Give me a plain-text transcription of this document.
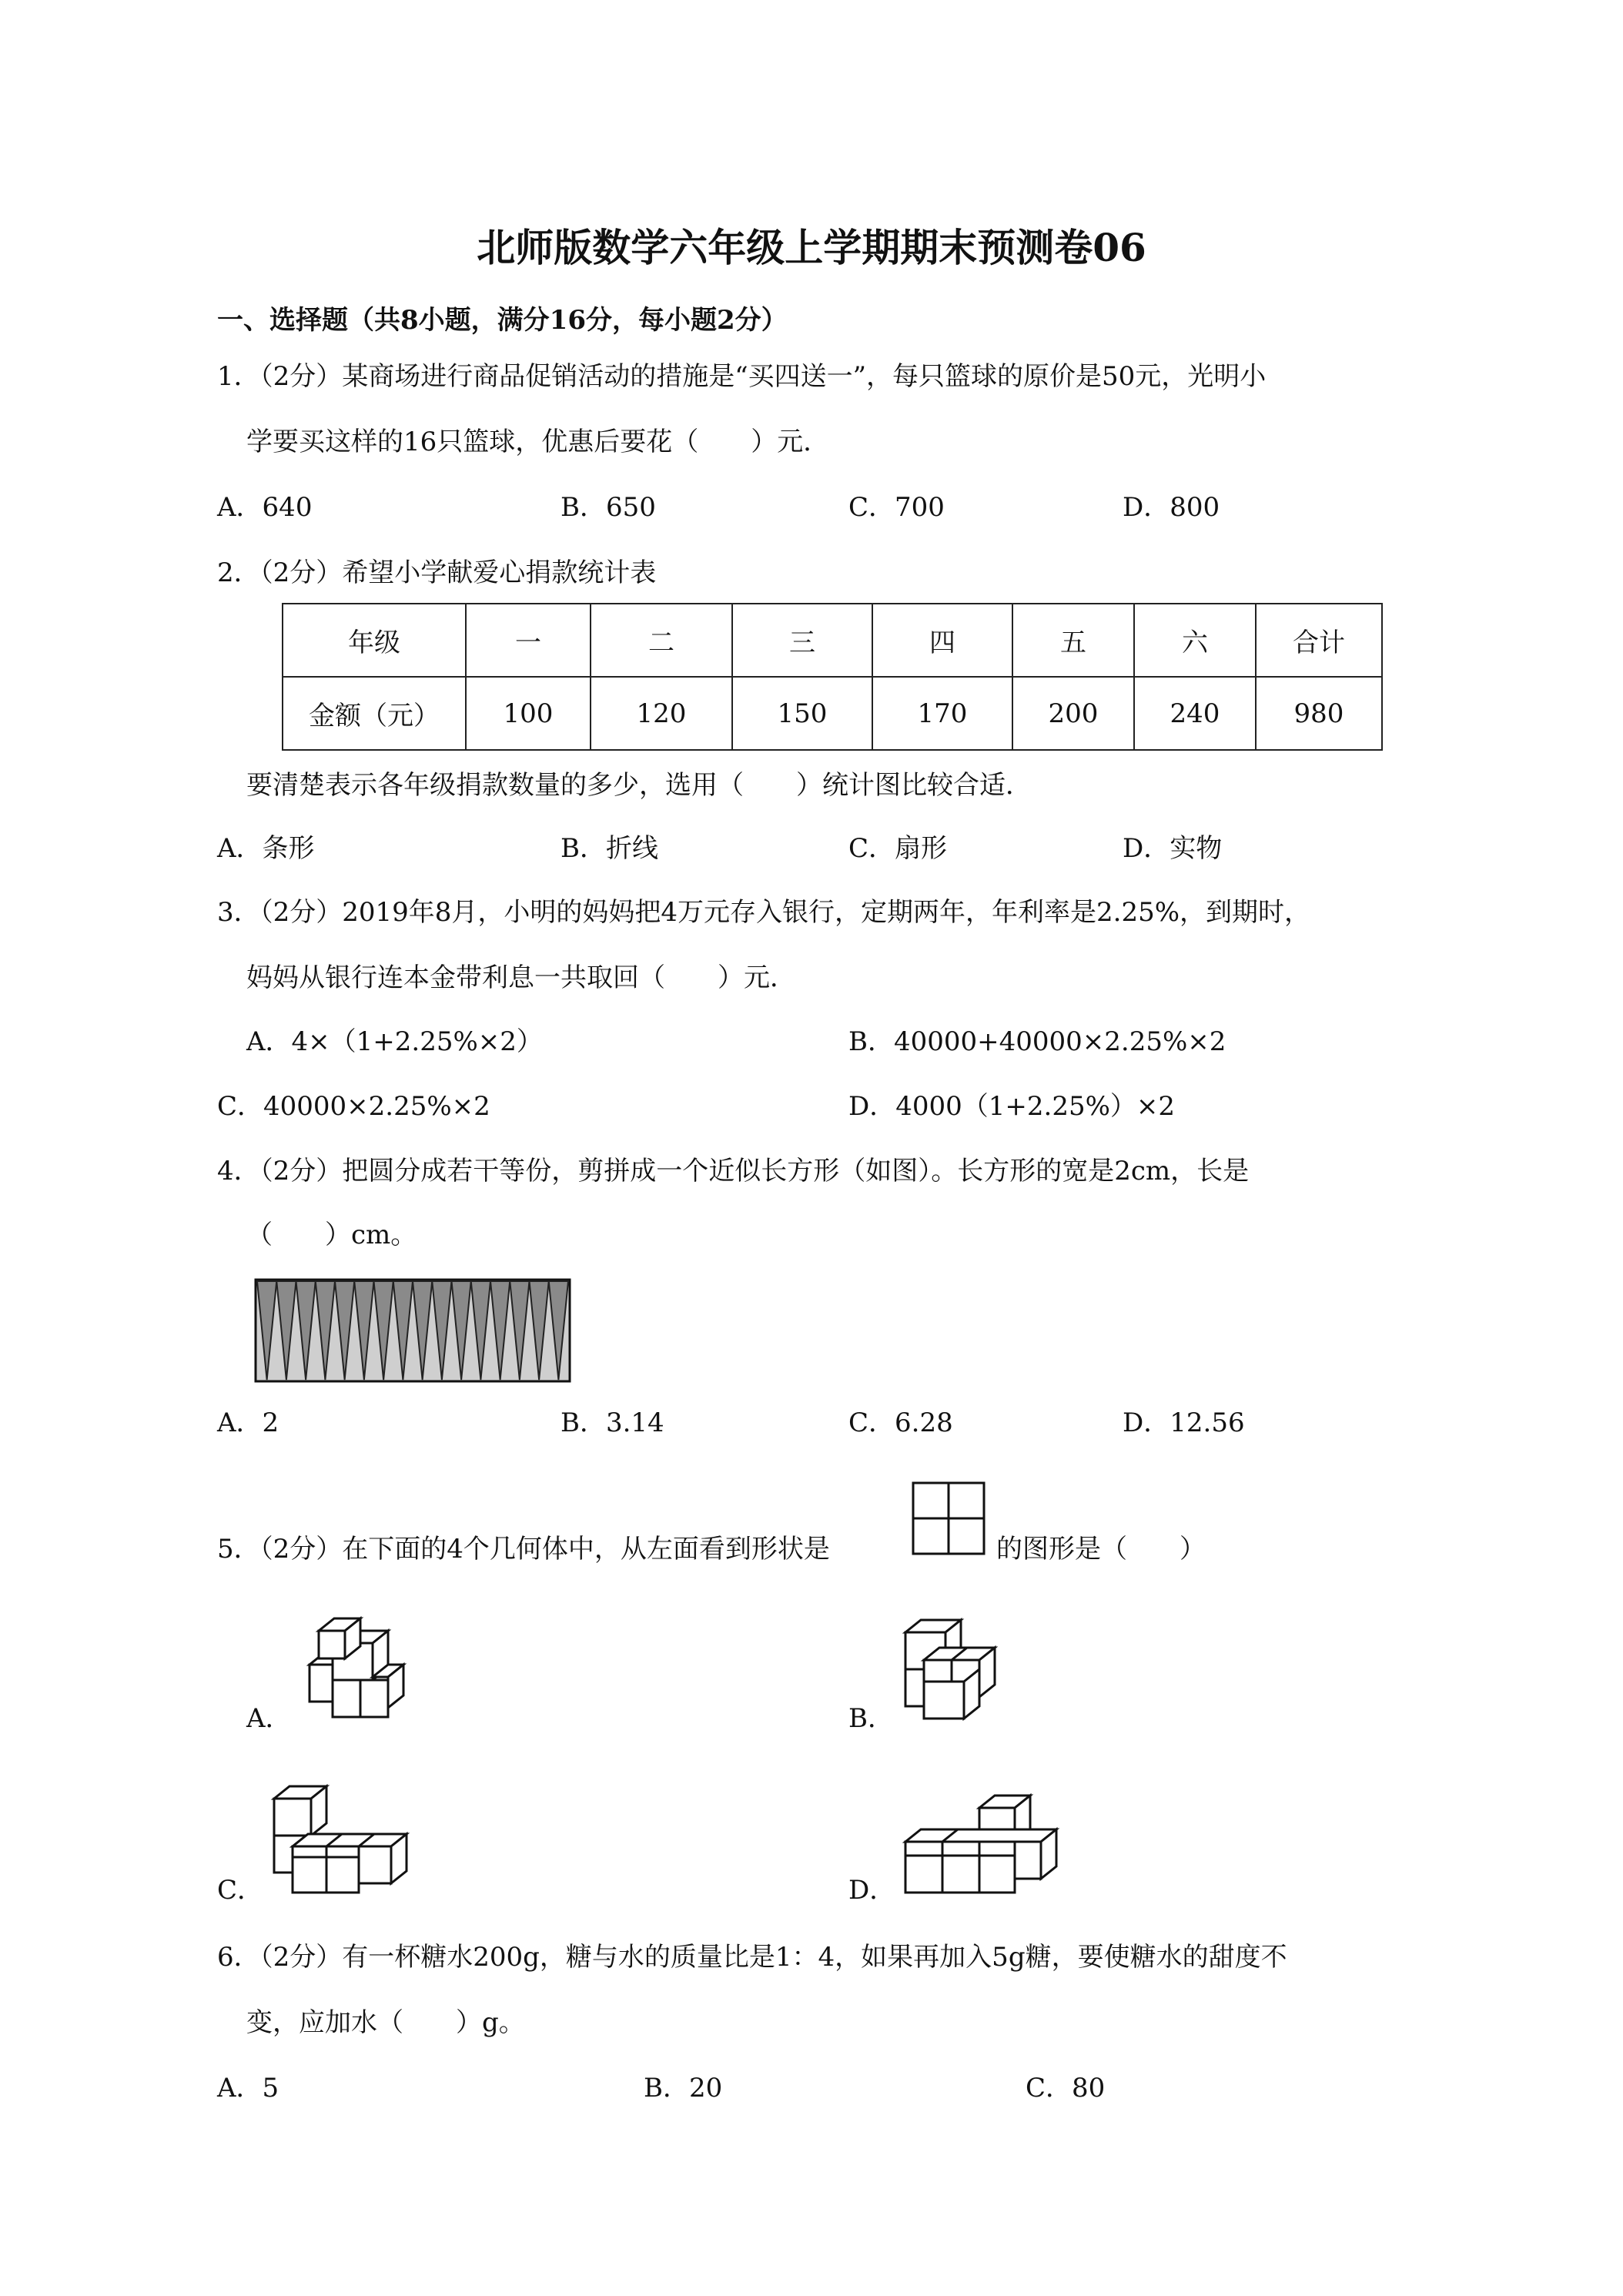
北师版数学六年级上学期期末预测卷06
一、选择题（共8小题，满分16分，每小题2分）
1．（2分）某商场进行商品促销活动的措施是“买四送一”，每只篮球的原价是50元，光明小
学要买这样的16只篮球，优惠后要花（　　）元．
A．640	B．650	C．700	D．800
2．（2分）希望小学献爱心捐款统计表
年级	一	二	三	四	五	六	合计
金额（元）	100	120	150	170	200	240	980
要清楚表示各年级捐款数量的多少，选用（　　）统计图比较合适．
A．条形	B．折线	C．扇形	D．实物
3．（2分）2019年8月，小明的妈妈把4万元存入银行，定期两年，年利率是2.25%，到期时，
妈妈从银行连本金带利息一共取回（　　）元．
A．4×（1+2.25%×2）	B．40000+40000×2.25%×2
C．40000×2.25%×2	D．4000（1+2.25%）×2
4．（2分）把圆分成若干等份，剪拼成一个近似长方形（如图）。长方形的宽是2cm，长是
（　　）cm。
A．2	B．3.14	C．6.28	D．12.56
5．（2分）在下面的4个几何体中，从左面看到形状是	的图形是（　　）
A．	B．
C．	D．
6．（2分）有一杯糖水200g，糖与水的质量比是1：4，如果再加入5g糖，要使糖水的甜度不
变，应加水（　　）g。
A．5	B．20	C．80
